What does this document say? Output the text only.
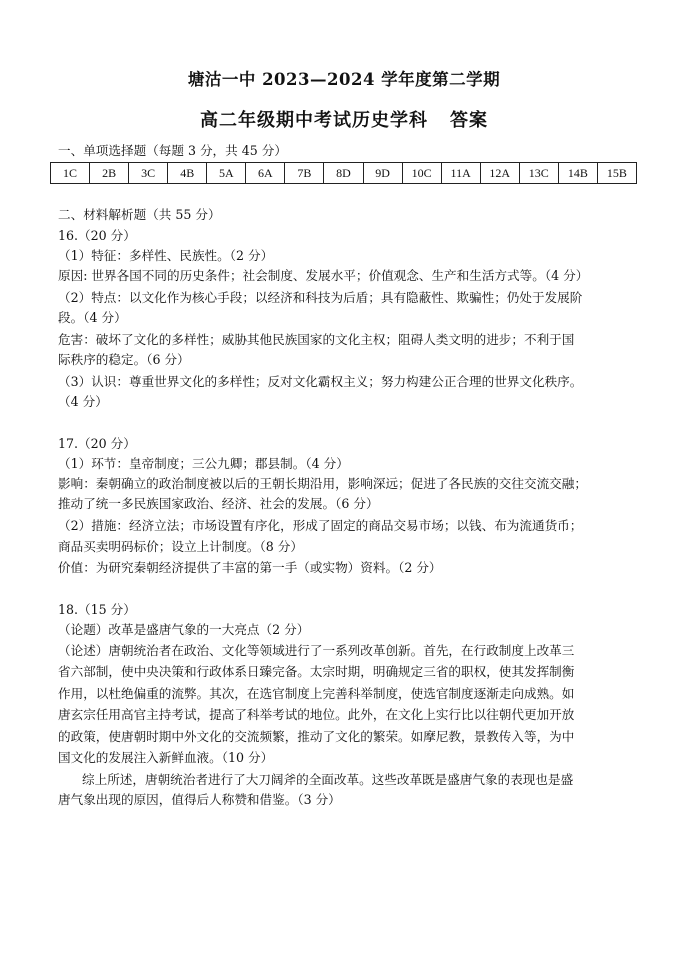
塘沽一中 2023—2024 学年度第二学期
高二年级期中考试历史学科 答案
一、单项选择题（每题 3 分，共 45 分）
1C	2B	3C	4B	5A	6A	7B	8D	9D	10C	11A	12A	13C	14B	15B
二、材料解析题（共 55 分）
16.（20 分）
（1）特征：多样性、民族性。（2 分）
原因: 世界各国不同的历史条件；社会制度、发展水平；价值观念、生产和生活方式等。（4 分）
（2）特点：以文化作为核心手段；以经济和科技为后盾；具有隐蔽性、欺骗性；仍处于发展阶
段。（4 分）
危害：破坏了文化的多样性；威胁其他民族国家的文化主权；阻碍人类文明的进步；不利于国
际秩序的稳定。（6 分）
（3）认识：尊重世界文化的多样性；反对文化霸权主义；努力构建公正合理的世界文化秩序。
（4 分）
17.（20 分）
（1）环节：皇帝制度；三公九卿；郡县制。（4 分）
影响：秦朝确立的政治制度被以后的王朝长期沿用，影响深远；促进了各民族的交往交流交融；
推动了统一多民族国家政治、经济、社会的发展。（6 分）
（2）措施：经济立法；市场设置有序化，形成了固定的商品交易市场；以钱、布为流通货币；
商品买卖明码标价；设立上计制度。（8 分）
价值：为研究秦朝经济提供了丰富的第一手（或实物）资料。（2 分）
18.（15 分）
（论题）改革是盛唐气象的一大亮点（2 分）
（论述）唐朝统治者在政治、文化等领域进行了一系列改革创新。首先，在行政制度上改革三
省六部制，使中央决策和行政体系日臻完备。太宗时期，明确规定三省的职权，使其发挥制衡
作用，以杜绝偏重的流弊。其次，在选官制度上完善科举制度，使选官制度逐渐走向成熟。如
唐玄宗任用高官主持考试，提高了科举考试的地位。此外，在文化上实行比以往朝代更加开放
的政策，使唐朝时期中外文化的交流频繁，推动了文化的繁荣。如摩尼教，景教传入等，为中
国文化的发展注入新鲜血液。（10 分）
综上所述，唐朝统治者进行了大刀阔斧的全面改革。这些改革既是盛唐气象的表现也是盛
唐气象出现的原因，值得后人称赞和借鉴。（3 分）
